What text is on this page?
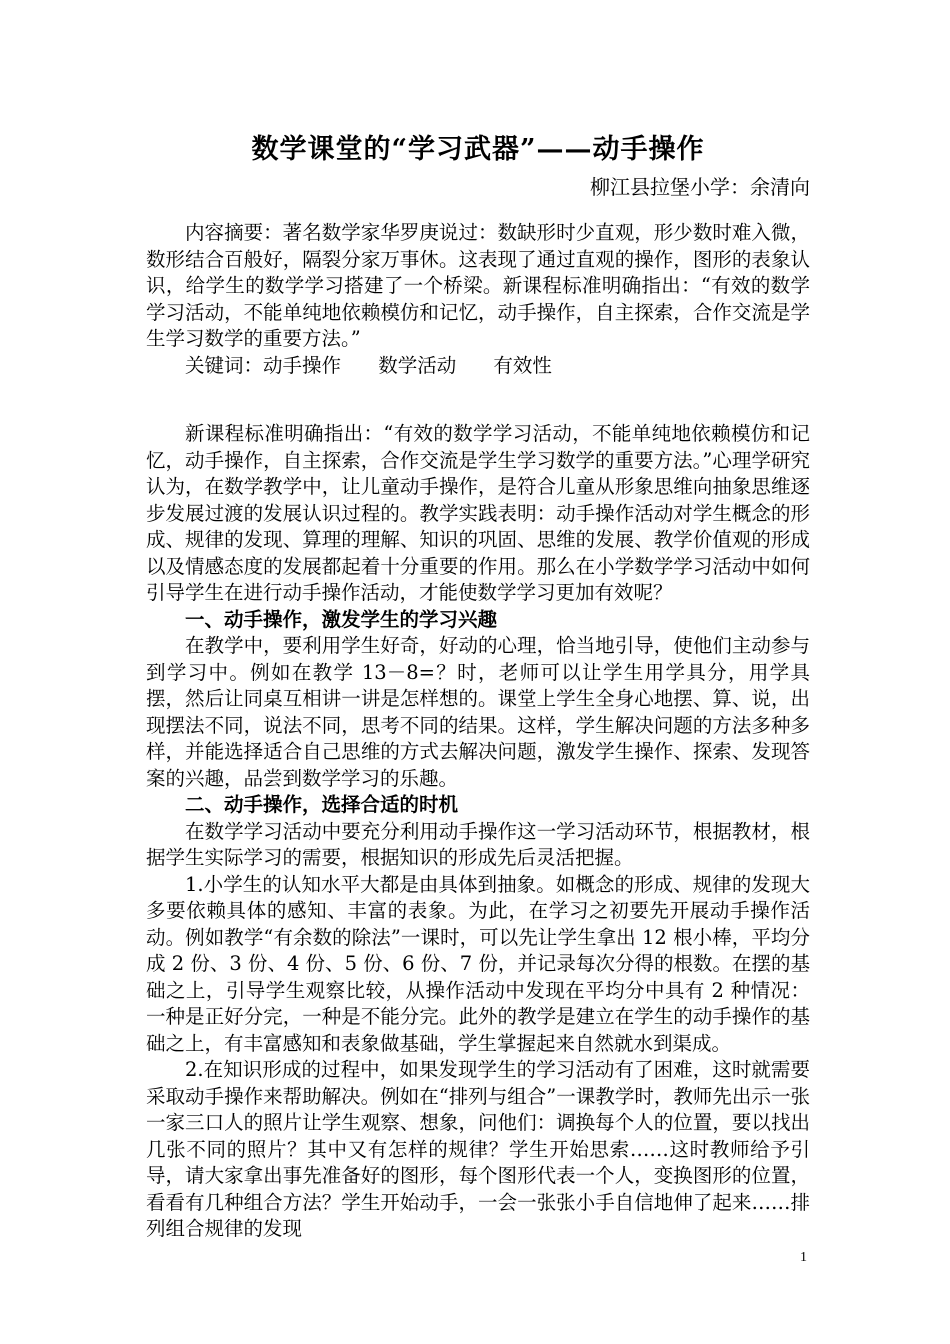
数学课堂的“学习武器”——动手操作

柳江县拉堡小学：余清向

内容摘要：著名数学家华罗庚说过：数缺形时少直观，形少数时难入微，数形结合百般好，隔裂分家万事休。这表现了通过直观的操作，图形的表象认识，给学生的数学学习搭建了一个桥梁。新课程标准明确指出：“有效的数学学习活动，不能单纯地依赖模仿和记忆，动手操作，自主探索，合作交流是学生学习数学的重要方法。”

关键词：动手操作      数学活动      有效性

新课程标准明确指出：“有效的数学学习活动，不能单纯地依赖模仿和记忆，动手操作，自主探索，合作交流是学生学习数学的重要方法。”心理学研究认为，在数学教学中，让儿童动手操作，是符合儿童从形象思维向抽象思维逐步发展过渡的发展认识过程的。教学实践表明：动手操作活动对学生概念的形成、规律的发现、算理的理解、知识的巩固、思维的发展、教学价值观的形成以及情感态度的发展都起着十分重要的作用。那么在小学数学学习活动中如何引导学生在进行动手操作活动，才能使数学学习更加有效呢？

一、动手操作，激发学生的学习兴趣

在教学中，要利用学生好奇，好动的心理，恰当地引导，使他们主动参与到学习中。例如在教学 13－8=？时，老师可以让学生用学具分，用学具摆，然后让同桌互相讲一讲是怎样想的。课堂上学生全身心地摆、算、说，出现摆法不同，说法不同，思考不同的结果。这样，学生解决问题的方法多种多样，并能选择适合自己思维的方式去解决问题，激发学生操作、探索、发现答案的兴趣，品尝到数学学习的乐趣。

二、动手操作，选择合适的时机

在数学学习活动中要充分利用动手操作这一学习活动环节，根据教材，根据学生实际学习的需要，根据知识的形成先后灵活把握。

1.小学生的认知水平大都是由具体到抽象。如概念的形成、规律的发现大多要依赖具体的感知、丰富的表象。为此，在学习之初要先开展动手操作活动。例如教学“有余数的除法”一课时，可以先让学生拿出 12 根小棒，平均分成 2 份、3 份、4 份、5 份、6 份、7 份，并记录每次分得的根数。在摆的基础之上，引导学生观察比较，从操作活动中发现在平均分中具有 2 种情况：一种是正好分完，一种是不能分完。此外的教学是建立在学生的动手操作的基础之上，有丰富感知和表象做基础，学生掌握起来自然就水到渠成。

2.在知识形成的过程中，如果发现学生的学习活动有了困难，这时就需要采取动手操作来帮助解决。例如在“排列与组合”一课教学时，教师先出示一张一家三口人的照片让学生观察、想象，问他们：调换每个人的位置，要以找出几张不同的照片？其中又有怎样的规律？学生开始思索……这时教师给予引导，请大家拿出事先准备好的图形，每个图形代表一个人，变换图形的位置，看看有几种组合方法？学生开始动手，一会一张张小手自信地伸了起来……排列组合规律的发现

1
